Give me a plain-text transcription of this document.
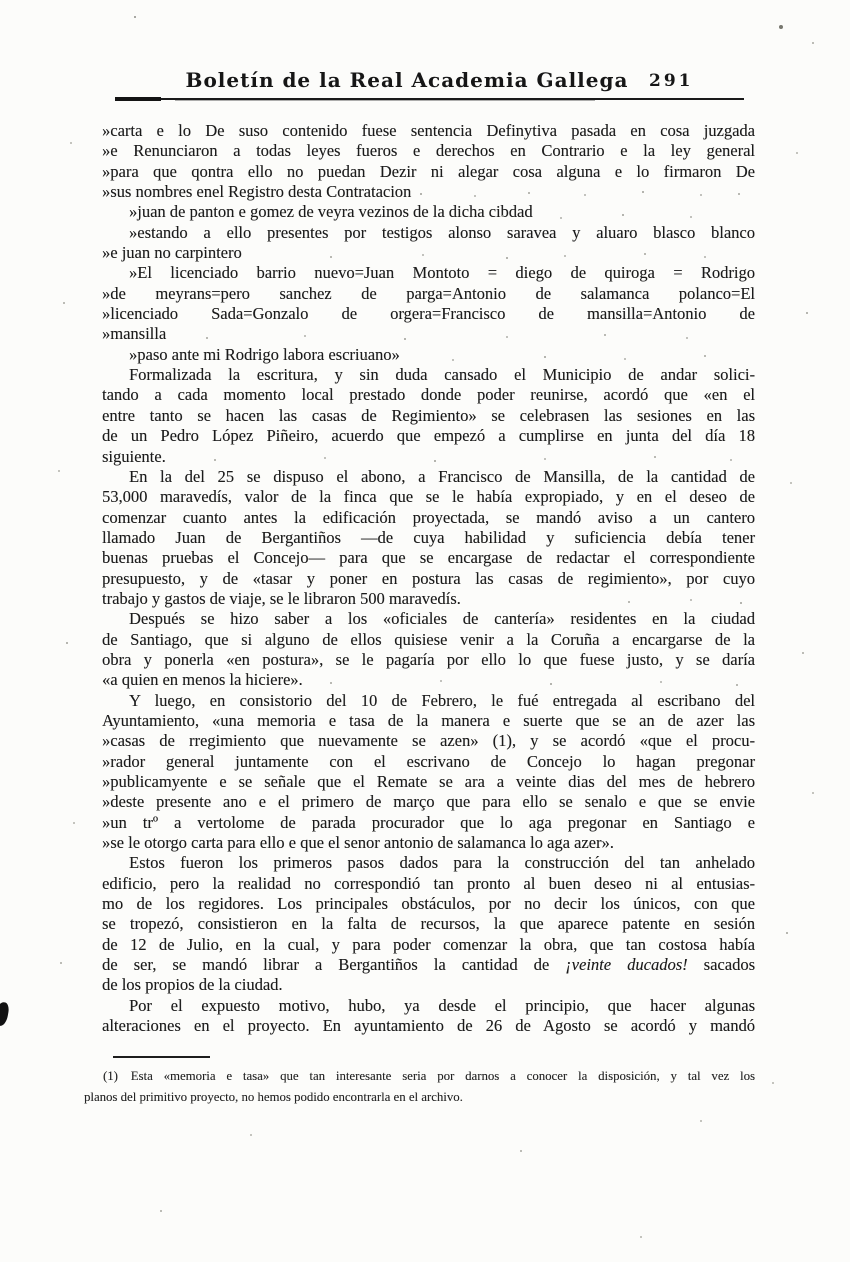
Boletín de la Real Academia Gallega 291
»carta e lo De suso contenido fuese sentencia Definytiva pasada en cosa juzgada
»e Renunciaron a todas leyes fueros e derechos en Contrario e la ley general
»para que qontra ello no puedan Dezir ni alegar cosa alguna e lo firmaron De
»sus nombres enel Registro desta Contratacion
»juan de panton e gomez de veyra vezinos de la dicha cibdad
»estando a ello presentes por testigos alonso saravea y aluaro blasco blanco
»e juan no carpintero
»El licenciado barrio nuevo=Juan Montoto = diego de quiroga = Rodrigo
»de meyrans=pero sanchez de parga=Antonio de salamanca polanco=El
»licenciado Sada=Gonzalo de orgera=Francisco de mansilla=Antonio de
»mansilla
»paso ante mi Rodrigo labora escriuano»
Formalizada la escritura, y sin duda cansado el Municipio de andar solici-
tando a cada momento local prestado donde poder reunirse, acordó que «en el
entre tanto se hacen las casas de Regimiento» se celebrasen las sesiones en las
de un Pedro López Piñeiro, acuerdo que empezó a cumplirse en junta del día 18
siguiente.
En la del 25 se dispuso el abono, a Francisco de Mansilla, de la cantidad de
53,000 maravedís, valor de la finca que se le había expropiado, y en el deseo de
comenzar cuanto antes la edificación proyectada, se mandó aviso a un cantero
llamado Juan de Bergantiños —de cuya habilidad y suficiencia debía tener
buenas pruebas el Concejo— para que se encargase de redactar el correspondiente
presupuesto, y de «tasar y poner en postura las casas de regimiento», por cuyo
trabajo y gastos de viaje, se le libraron 500 maravedís.
Después se hizo saber a los «oficiales de cantería» residentes en la ciudad
de Santiago, que si alguno de ellos quisiese venir a la Coruña a encargarse de la
obra y ponerla «en postura», se le pagaría por ello lo que fuese justo, y se daría
«a quien en menos la hiciere».
Y luego, en consistorio del 10 de Febrero, le fué entregada al escribano del
Ayuntamiento, «una memoria e tasa de la manera e suerte que se an de azer las
»casas de rregimiento que nuevamente se azen» (1), y se acordó «que el procu-
»rador general juntamente con el escrivano de Concejo lo hagan pregonar
»publicamyente e se señale que el Remate se ara a veinte dias del mes de hebrero
»deste presente ano e el primero de março que para ello se senalo e que se envie
»un trº a vertolome de parada procurador que lo aga pregonar en Santiago e
»se le otorgo carta para ello e que el senor antonio de salamanca lo aga azer».
Estos fueron los primeros pasos dados para la construcción del tan anhelado
edificio, pero la realidad no correspondió tan pronto al buen deseo ni al entusias-
mo de los regidores. Los principales obstáculos, por no decir los únicos, con que
se tropezó, consistieron en la falta de recursos, la que aparece patente en sesión
de 12 de Julio, en la cual, y para poder comenzar la obra, que tan costosa había
de ser, se mandó librar a Bergantiños la cantidad de ¡veinte ducados! sacados
de los propios de la ciudad.
Por el expuesto motivo, hubo, ya desde el principio, que hacer algunas
alteraciones en el proyecto. En ayuntamiento de 26 de Agosto se acordó y mandó
(1)  Esta «memoria e tasa» que tan interesante seria por darnos a conocer la disposición, y tal vez los
planos del primitivo proyecto, no hemos podido encontrarla en el archivo.
